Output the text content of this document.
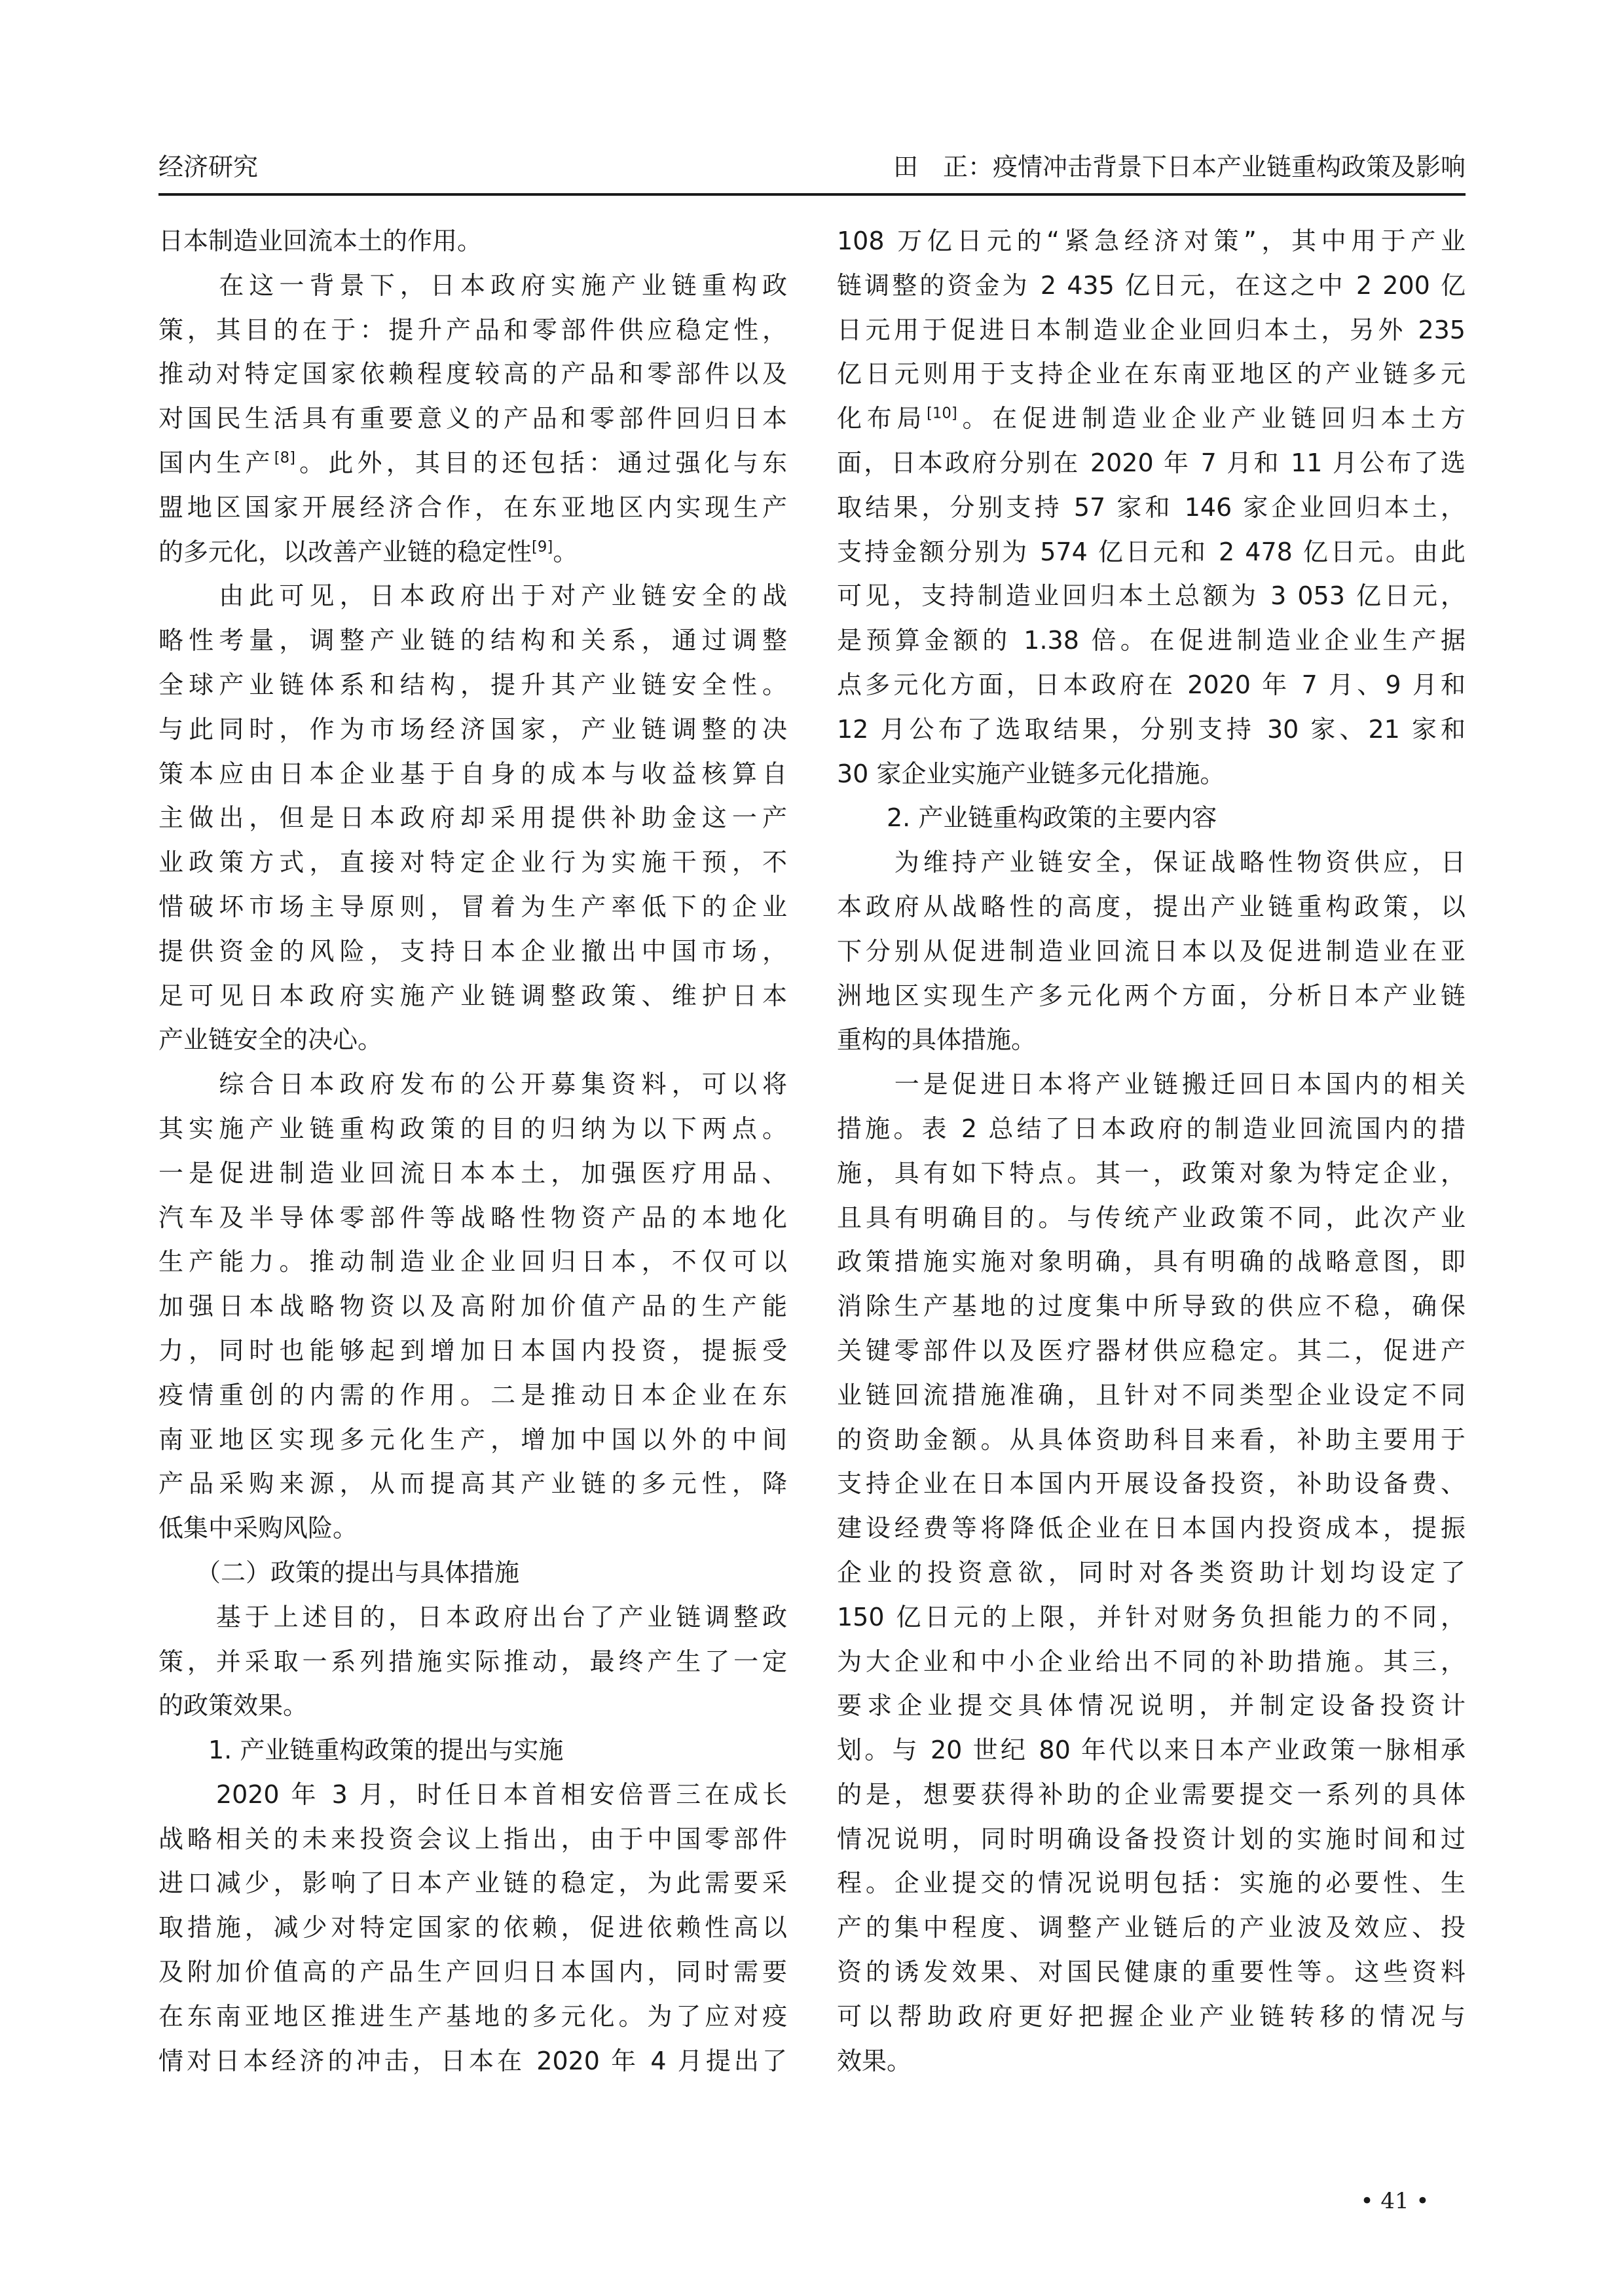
经济研究	田　正：疫情冲击背景下日本产业链重构政策及影响
日本制造业回流本土的作用。
　　在这一背景下，日本政府实施产业链重构政
策，其目的在于：提升产品和零部件供应稳定性，
推动对特定国家依赖程度较高的产品和零部件以及
对国民生活具有重要意义的产品和零部件回归日本
国内生产[8]。此外，其目的还包括：通过强化与东
盟地区国家开展经济合作，在东亚地区内实现生产
的多元化，以改善产业链的稳定性[9]。
　　由此可见，日本政府出于对产业链安全的战
略性考量，调整产业链的结构和关系，通过调整
全球产业链体系和结构，提升其产业链安全性。
与此同时，作为市场经济国家，产业链调整的决
策本应由日本企业基于自身的成本与收益核算自
主做出，但是日本政府却采用提供补助金这一产
业政策方式，直接对特定企业行为实施干预，不
惜破坏市场主导原则，冒着为生产率低下的企业
提供资金的风险，支持日本企业撤出中国市场，
足可见日本政府实施产业链调整政策、维护日本
产业链安全的决心。
　　综合日本政府发布的公开募集资料，可以将
其实施产业链重构政策的目的归纳为以下两点。
一是促进制造业回流日本本土，加强医疗用品、
汽车及半导体零部件等战略性物资产品的本地化
生产能力。推动制造业企业回归日本，不仅可以
加强日本战略物资以及高附加价值产品的生产能
力，同时也能够起到增加日本国内投资，提振受
疫情重创的内需的作用。二是推动日本企业在东
南亚地区实现多元化生产，增加中国以外的中间
产品采购来源，从而提高其产业链的多元性，降
低集中采购风险。
　　（二）政策的提出与具体措施
　　基于上述目的，日本政府出台了产业链调整政
策，并采取一系列措施实际推动，最终产生了一定
的政策效果。
　　1. 产业链重构政策的提出与实施
　　2020 年 3 月，时任日本首相安倍晋三在成长
战略相关的未来投资会议上指出，由于中国零部件
进口减少，影响了日本产业链的稳定，为此需要采
取措施，减少对特定国家的依赖，促进依赖性高以
及附加价值高的产品生产回归日本国内，同时需要
在东南亚地区推进生产基地的多元化。为了应对疫
情对日本经济的冲击，日本在 2020 年 4 月提出了
108 万亿日元的“紧急经济对策”，其中用于产业
链调整的资金为 2 435 亿日元，在这之中 2 200 亿
日元用于促进日本制造业企业回归本土，另外 235
亿日元则用于支持企业在东南亚地区的产业链多元
化布局[10]。在促进制造业企业产业链回归本土方
面，日本政府分别在 2020 年 7 月和 11 月公布了选
取结果，分别支持 57 家和 146 家企业回归本土，
支持金额分别为 574 亿日元和 2 478 亿日元。由此
可见，支持制造业回归本土总额为 3 053 亿日元，
是预算金额的 1.38 倍。在促进制造业企业生产据
点多元化方面，日本政府在 2020 年 7 月、9 月和
12 月公布了选取结果，分别支持 30 家、21 家和
30 家企业实施产业链多元化措施。
　　2. 产业链重构政策的主要内容
　　为维持产业链安全，保证战略性物资供应，日
本政府从战略性的高度，提出产业链重构政策，以
下分别从促进制造业回流日本以及促进制造业在亚
洲地区实现生产多元化两个方面，分析日本产业链
重构的具体措施。
　　一是促进日本将产业链搬迁回日本国内的相关
措施。表 2 总结了日本政府的制造业回流国内的措
施，具有如下特点。其一，政策对象为特定企业，
且具有明确目的。与传统产业政策不同，此次产业
政策措施实施对象明确，具有明确的战略意图，即
消除生产基地的过度集中所导致的供应不稳，确保
关键零部件以及医疗器材供应稳定。其二，促进产
业链回流措施准确，且针对不同类型企业设定不同
的资助金额。从具体资助科目来看，补助主要用于
支持企业在日本国内开展设备投资，补助设备费、
建设经费等将降低企业在日本国内投资成本，提振
企业的投资意欲，同时对各类资助计划均设定了
150 亿日元的上限，并针对财务负担能力的不同，
为大企业和中小企业给出不同的补助措施。其三，
要求企业提交具体情况说明，并制定设备投资计
划。与 20 世纪 80 年代以来日本产业政策一脉相承
的是，想要获得补助的企业需要提交一系列的具体
情况说明，同时明确设备投资计划的实施时间和过
程。企业提交的情况说明包括：实施的必要性、生
产的集中程度、调整产业链后的产业波及效应、投
资的诱发效果、对国民健康的重要性等。这些资料
可以帮助政府更好把握企业产业链转移的情况与
效果。
• 41 •
